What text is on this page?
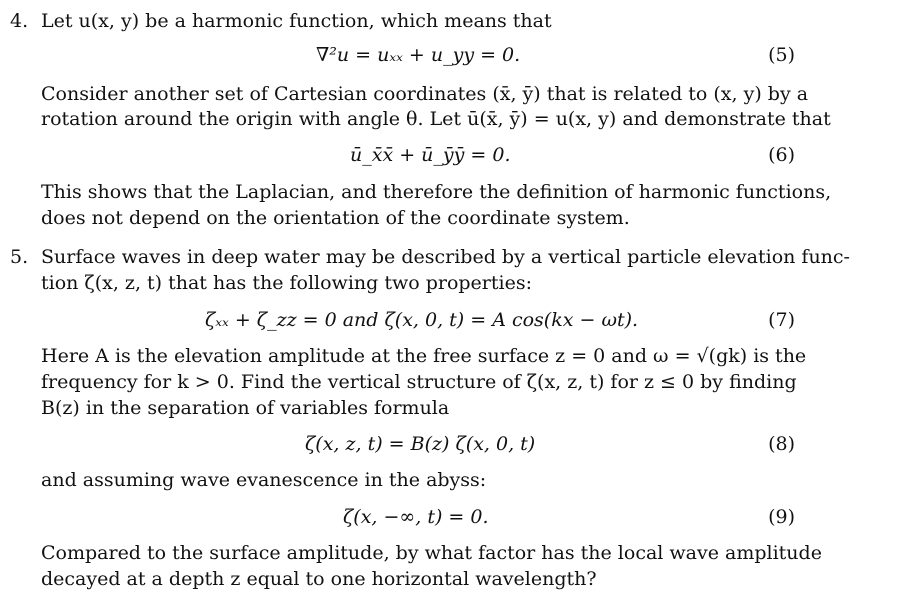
4. Let u(x, y) be a harmonic function, which means that
∇²u = uₓₓ + u_yy = 0.	(5)
Consider another set of Cartesian coordinates (x̄, ȳ) that is related to (x, y) by a
rotation around the origin with angle θ. Let ū(x̄, ȳ) = u(x, y) and demonstrate that
ū_x̄x̄ + ū_ȳȳ = 0.	(6)
This shows that the Laplacian, and therefore the definition of harmonic functions,
does not depend on the orientation of the coordinate system.
5. Surface waves in deep water may be described by a vertical particle elevation func-
tion ζ(x, z, t) that has the following two properties:
ζₓₓ + ζ_zz = 0 and ζ(x, 0, t) = A cos(kx − ωt).	(7)
Here A is the elevation amplitude at the free surface z = 0 and ω = √(gk) is the
frequency for k > 0. Find the vertical structure of ζ(x, z, t) for z ≤ 0 by finding
B(z) in the separation of variables formula
ζ(x, z, t) = B(z) ζ(x, 0, t)	(8)
and assuming wave evanescence in the abyss:
ζ(x, −∞, t) = 0.	(9)
Compared to the surface amplitude, by what factor has the local wave amplitude
decayed at a depth z equal to one horizontal wavelength?
